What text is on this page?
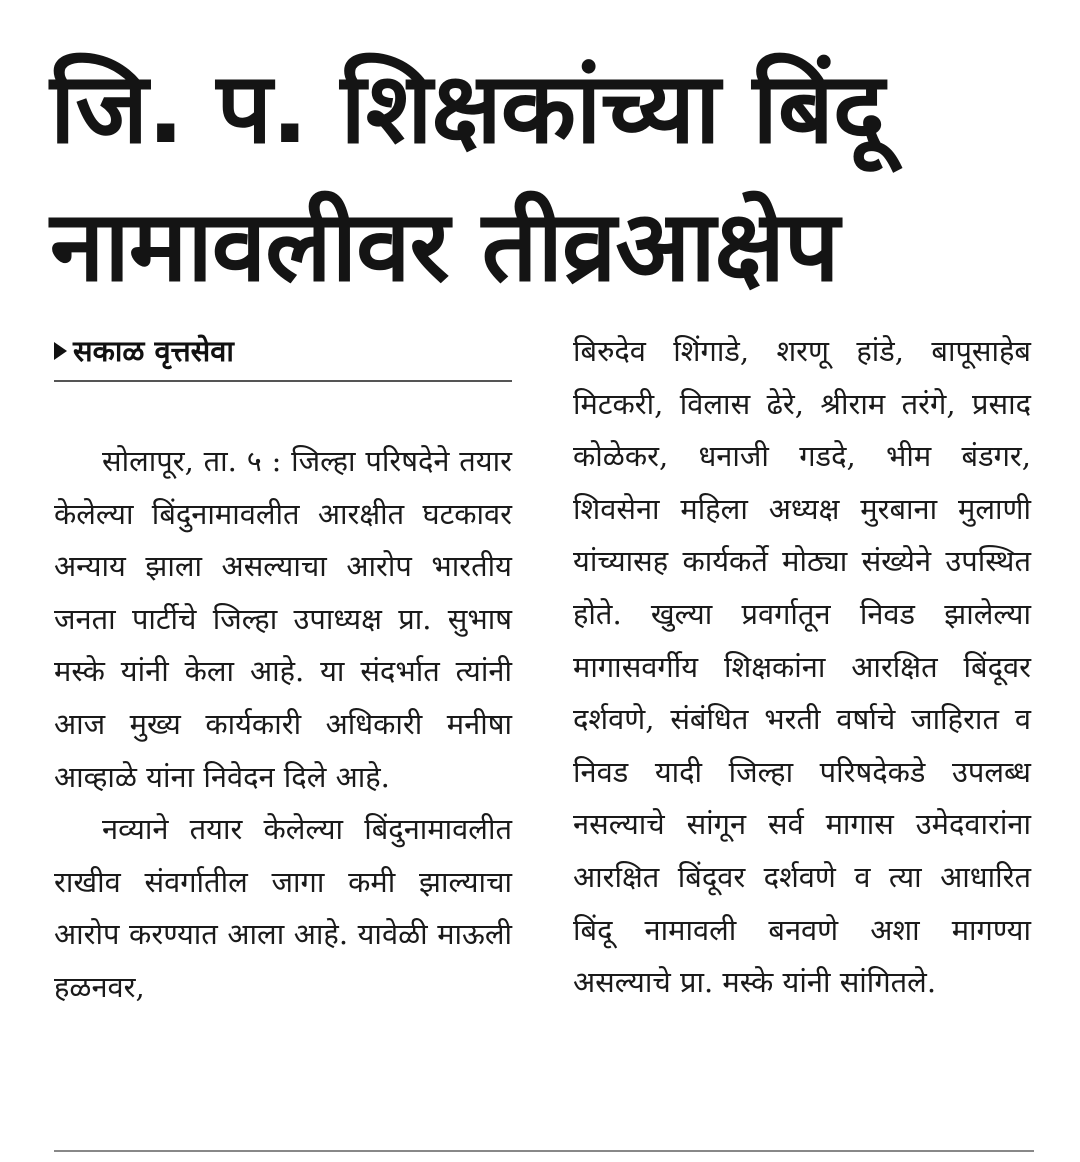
जि. प. शिक्षकांच्या बिंदू
नामावलीवर तीव्रआक्षेप
सकाळ वृत्तसेवा

सोलापूर, ता. ५ : जिल्हा परिषदेने तयार केलेल्या बिंदुनामावलीत आरक्षीत घटकावर अन्याय झाला असल्याचा आरोप भारतीय जनता पार्टीचे जिल्हा उपाध्यक्ष प्रा. सुभाष मस्के यांनी केला आहे. या संदर्भात त्यांनी आज मुख्य कार्यकारी अधिकारी मनीषा आव्हाळे यांना निवेदन दिले आहे.

नव्याने तयार केलेल्या बिंदुनामावलीत राखीव संवर्गातील जागा कमी झाल्याचा आरोप करण्यात आला आहे. यावेळी माऊली हळनवर,

बिरुदेव शिंगाडे, शरणू हांडे, बापूसाहेब मिटकरी, विलास ढेरे, श्रीराम तरंगे, प्रसाद कोळेकर, धनाजी गडदे, भीम बंडगर, शिवसेना महिला अध्यक्ष मुरबाना मुलाणी यांच्यासह कार्यकर्ते मोठ्या संख्येने उपस्थित होते. खुल्या प्रवर्गातून निवड झालेल्या मागासवर्गीय शिक्षकांना आरक्षित बिंदूवर दर्शवणे, संबंधित भरती वर्षाचे जाहिरात व निवड यादी जिल्हा परिषदेकडे उपलब्ध नसल्याचे सांगून सर्व मागास उमेदवारांना आरक्षित बिंदूवर दर्शवणे व त्या आधारित बिंदू नामावली बनवणे अशा मागण्या असल्याचे प्रा. मस्के यांनी सांगितले.
